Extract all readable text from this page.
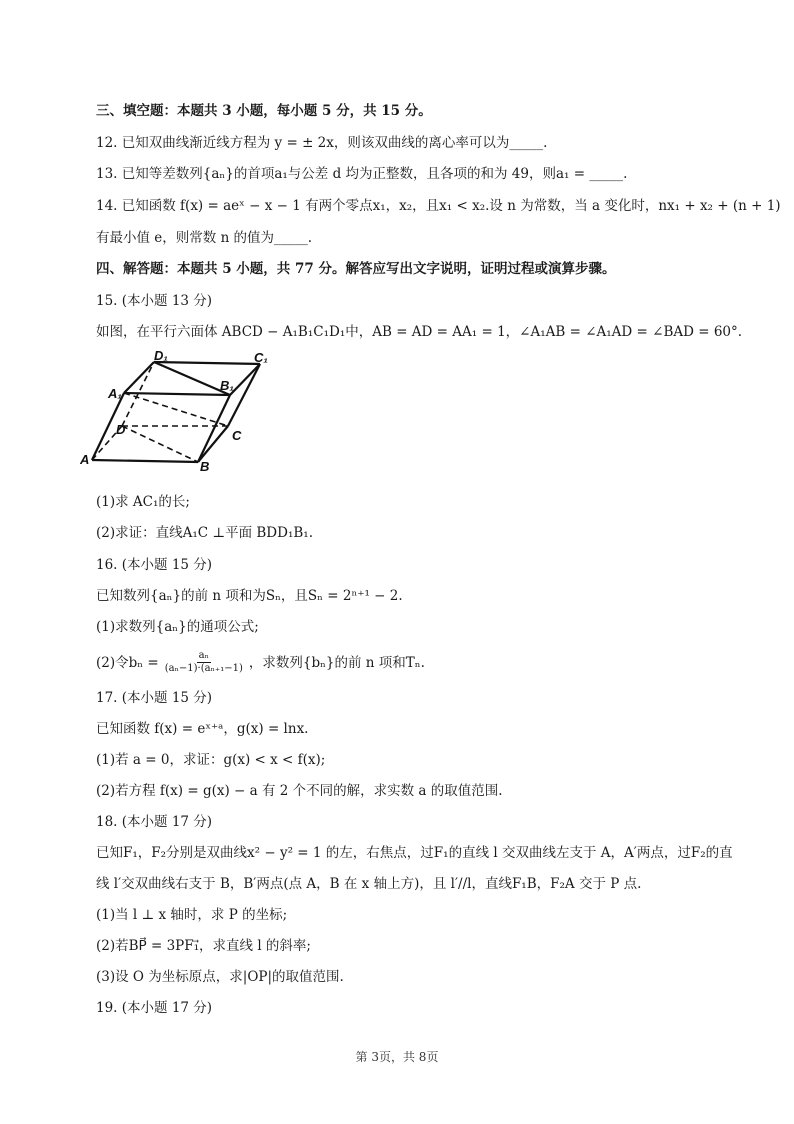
三、填空题：本题共 3 小题，每小题 5 分，共 15 分。
12. 已知双曲线渐近线方程为 y = ± 2x，则该双曲线的离心率可以为_____.
13. 已知等差数列{aₙ}的首项a₁与公差 d 均为正整数，且各项的和为 49，则a₁ = _____.
14. 已知函数 f(x) = aeˣ − x − 1 有两个零点x₁，x₂，且x₁ < x₂.设 n 为常数，当 a 变化时，nx₁ + x₂ + (n + 1)
有最小值 e，则常数 n 的值为_____.
四、解答题：本题共 5 小题，共 77 分。解答应写出文字说明，证明过程或演算步骤。
15. (本小题 13 分)
如图，在平行六面体 ABCD − A₁B₁C₁D₁中，AB = AD = AA₁ = 1，∠A₁AB = ∠A₁AD = ∠BAD = 60°.
A	B
C
D
A₁
B₁
C₁
D₁
(1)求 AC₁的长;
(2)求证：直线A₁C ⊥平面 BDD₁B₁.
16. (本小题 15 分)
已知数列{aₙ}的前 n 项和为Sₙ，且Sₙ = 2ⁿ⁺¹ − 2.
(1)求数列{aₙ}的通项公式;
(2)令$b_n = \frac{\text{aₙ}}{\text{(aₙ−1)·(aₙ₊₁−1)}}$ ，求数列{bₙ}的前 n 项和Tₙ.
17. (本小题 15 分)
已知函数 f(x) = eˣ⁺ᵃ，g(x) = lnx.
(1)若 a = 0，求证：g(x) < x < f(x);
(2)若方程 f(x) = g(x) − a 有 2 个不同的解，求实数 a 的取值范围.
18. (本小题 17 分)
已知F₁，F₂分别是双曲线x² − y² = 1 的左，右焦点，过F₁的直线 l 交双曲线左支于 A，A′两点，过F₂的直
线 l′交双曲线右支于 B，B′两点(点 A，B 在 x 轴上方)，且 l′//l，直线F₁B，F₂A 交于 P 点.
(1)当 l ⊥ x 轴时，求 P 的坐标;
(2)若BP⃗ = 3PF₁⃗，求直线 l 的斜率;
(3)设 O 为坐标原点，求|OP|的取值范围.
19. (本小题 17 分)
第 3页，共 8页
